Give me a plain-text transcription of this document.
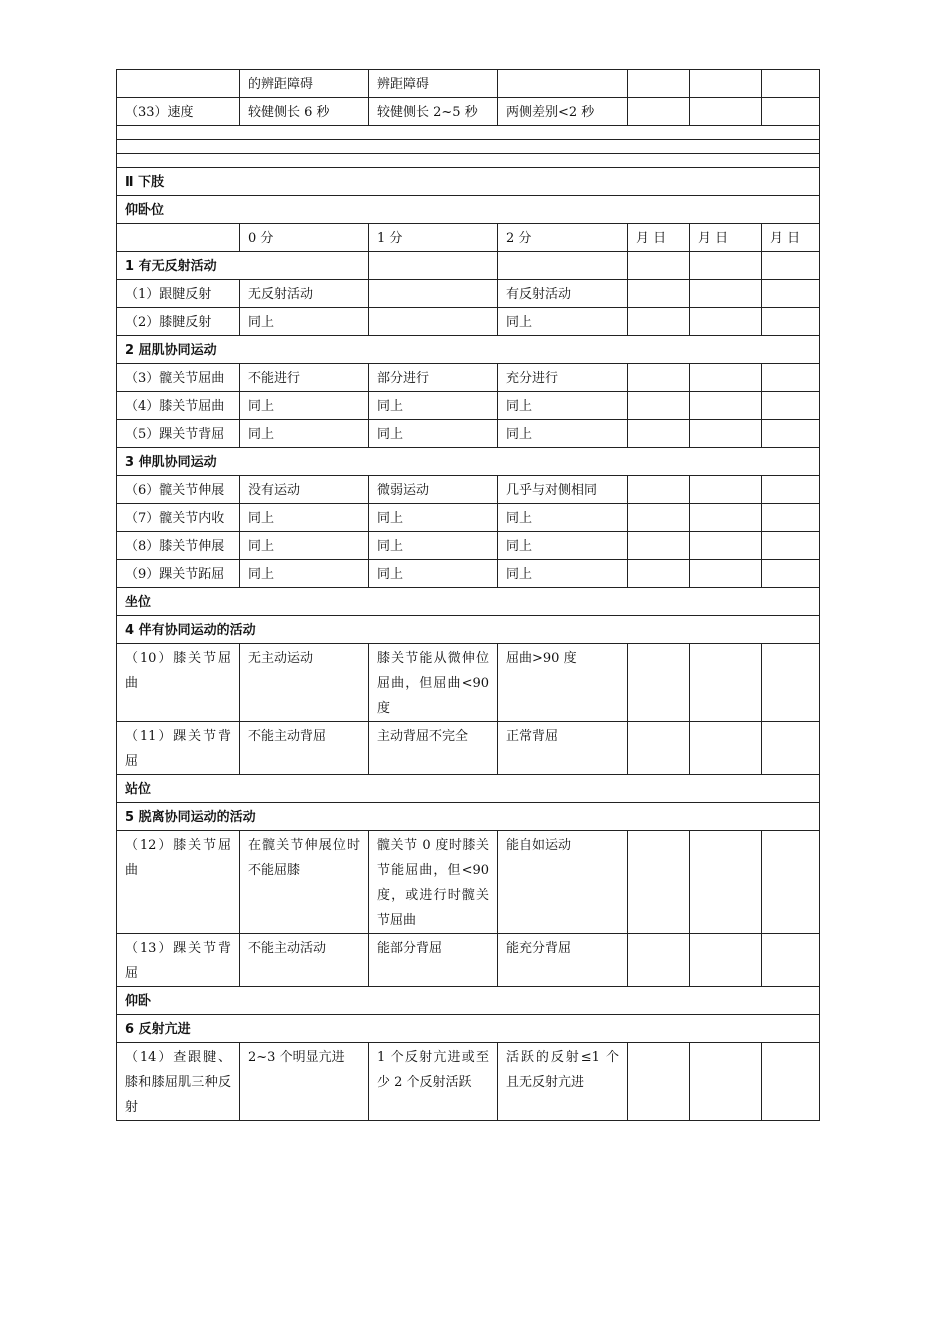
	的辨距障碍	辨距障碍				
（33）速度	较健侧长 6 秒	较健侧长 2~5 秒	两侧差别<2 秒			

Ⅱ 下肢						
仰卧位						
	0 分	1 分	2 分	月 日	月 日	月 日
1 有无反射活动						
（1）跟腱反射	无反射活动		有反射活动			
（2）膝腱反射	同上		同上			
2 屈肌协同运动						
（3）髋关节屈曲	不能进行	部分进行	充分进行			
（4）膝关节屈曲	同上	同上	同上			
（5）踝关节背屈	同上	同上	同上			
3 伸肌协同运动						
（6）髋关节伸展	没有运动	微弱运动	几乎与对侧相同			
（7）髋关节内收	同上	同上	同上			
（8）膝关节伸展	同上	同上	同上			
（9）踝关节跖屈	同上	同上	同上			
坐位						
4 伴有协同运动的活动						
（10）膝关节屈曲	无主动运动	膝关节能从微伸位屈曲，但屈曲<90 度	屈曲>90 度			
（11）踝关节背屈	不能主动背屈	主动背屈不完全	正常背屈			
站位						
5 脱离协同运动的活动						
（12）膝关节屈曲	在髋关节伸展位时不能屈膝	髋关节 0 度时膝关节能屈曲，但<90 度，或进行时髋关节屈曲	能自如运动			
（13）踝关节背屈	不能主动活动	能部分背屈	能充分背屈			
仰卧						
6 反射亢进						
（14）查跟腱、膝和膝屈肌三种反射	2~3 个明显亢进	1 个反射亢进或至少 2 个反射活跃	活跃的反射≤1 个且无反射亢进			
